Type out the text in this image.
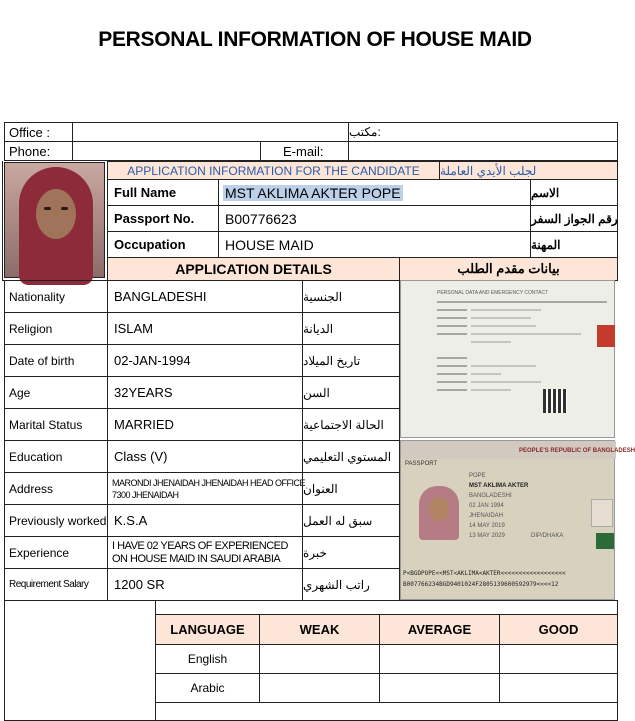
PERSONAL INFORMATION OF HOUSE MAID
Office :	:مكتب
Phone:	E-mail:
APPLICATION INFORMATION FOR THE CANDIDATE	لجلب الأيدي العاملة
Full Name	MST AKLIMA AKTER POPE	الاسم
Passport No.	B00776623	رقم الجواز السفر
Occupation	HOUSE MAID	المهنة
APPLICATION DETAILS	بيانات مقدم الطلب
Nationality	BANGLADESHI	الجنسية
Religion	ISLAM	الديانة
Date of birth	02-JAN-1994	تاريخ الميلاد
Age	32YEARS	السن
Marital Status	MARRIED	الحالة الاجتماعية
Education	Class (V)	المستوي التعليمي
Address	MARONDI JHENAIDAH JHENAIDAH HEAD OFFICE
7300 JHENAIDAH	العنوان
Previously worked K.S.A	سبق له العمل
Experience	I HAVE 02 YEARS OF EXPERIENCED
ON HOUSE MAID IN SAUDI ARABIA خبرة
Requirement Salary	1200 SR	راتب الشهري
PERSONAL DATA AND EMERGENCY CONTACT
PEOPLE'S REPUBLIC OF BANGLADESH
PASSPORT
POPE
MST AKLIMA AKTER
BANGLADESHI
02 JAN 1994
JHENAIDAH
14 MAY 2019
13 MAY 2029	DIP/DHAKA
P<BGDPOPE<<MST<AKLIMA<AKTER<<<<<<<<<<<<<<<<<<
B007766234BGD9401024F2805139600592979<<<<12
LANGUAGE	WEAK	AVERAGE	GOOD
English
Arabic
